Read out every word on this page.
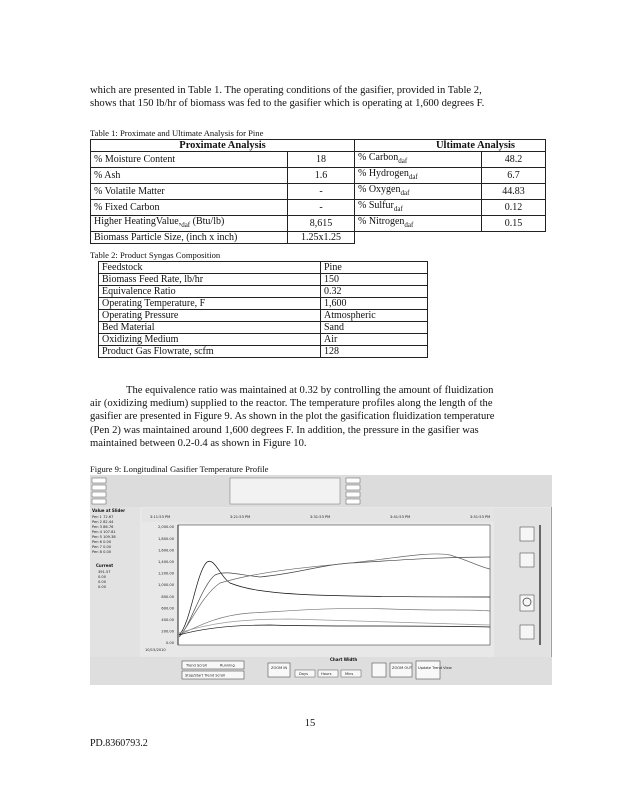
which are presented in Table 1. The operating conditions of the gasifier, provided in Table 2,
shows that 150 lb/hr of biomass was fed to the gasifier which is operating at 1,600 degrees F.
Table 1: Proximate and Ultimate Analysis for Pine
Proximate Analysis		Ultimate Analysis	
% Moisture Content	18	% Carbon$_{daf}$	48.2
% Ash	1.6	% Hydrogen$_{daf}$	6.7
% Volatile Matter	-	% Oxygen$_{daf}$	44.83
% Fixed Carbon	-	% Sulfur$_{daf}$	0.12
Higher $HeatingValue,_{daf}$ (Btu/lb)	8,615	% Nitrogen$_{daf}$	0.15
Biomass Particle Size, (inch x inch)	1.25x1.25		
Table 2: Product Syngas Composition
Feedstock	Pine
Biomass Feed Rate, lb/hr	150
Equivalence Ratio	0.32
Operating Temperature, F	1,600
Operating Pressure	Atmospheric
Bed Material	Sand
Oxidizing Medium	Air
Product Gas Flowrate, scfm	128
The equivalence ratio was maintained at 0.32 by controlling the amount of fluidization
air (oxidizing medium) supplied to the reactor. The temperature profiles along the length of the
gasifier are presented in Figure 9. As shown in the plot the gasification fluidization temperature
(Pen 2) was maintained around 1,600 degrees F. In addition, the pressure in the gasifier was
maintained between 0.2-0.4 as shown in Figure 10.
Figure 9: Longitudinal Gasifier Temperature Profile
Value at Slider
Pen 1 72.67
Pen 2 82.44
Pen 3 86.76
Pen 4 107.81
Pen 5 109.38
Pen 6 0.00
Pen 7 0.00
Pen 8 0.00
Current
391.57
0.00
0.00
0.00
2,000.00
1,800.00
1,600.00
1,400.00
1,200.00
1,000.00
800.00
600.00
400.00
200.00
0.00
3:11:53 PM	3:21:53 PM	3:31:53 PM	3:41:53 PM	3:51:53 PM
10/15/2010
Trend Scroll	Running
Stop/Start Trend Scroll
ZOOM IN
Chart Width
Days	Hours	Mins
ZOOM OUT Update Trend View
15
PD.8360793.2
